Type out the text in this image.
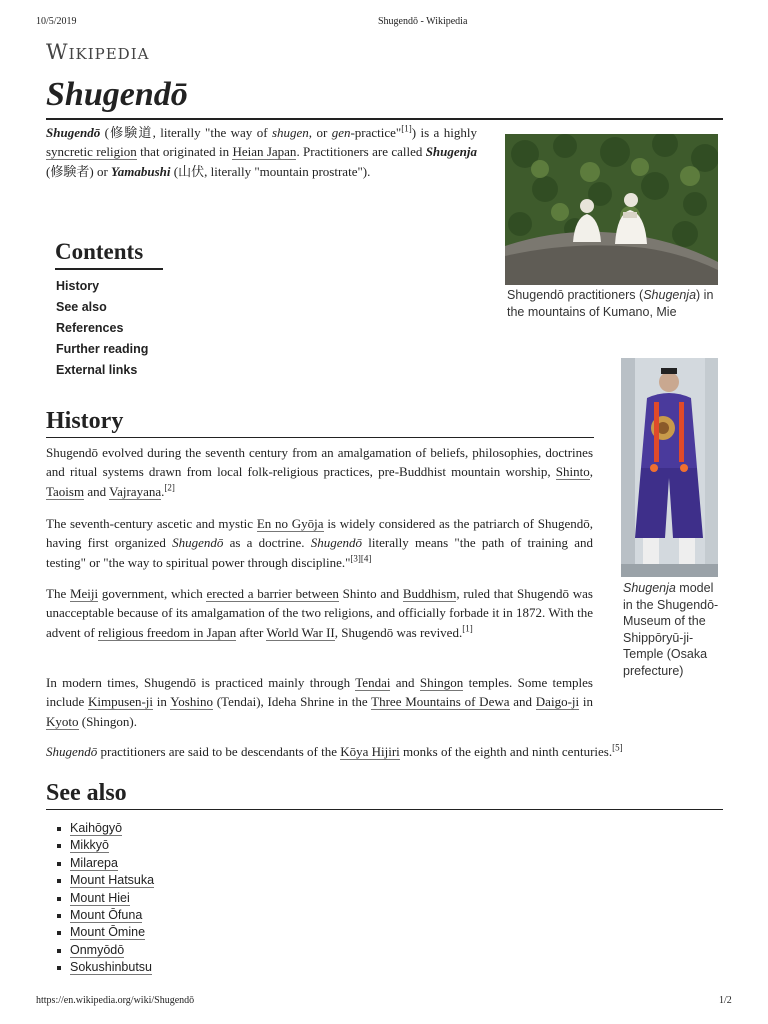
10/5/2019	Shugendō - Wikipedia
Wikipedia
Shugendō

Shugendō (修験道, literally "the way of shugen, or gen-practice"[1]) is a highly syncretic religion that originated in Heian Japan. Practitioners are called Shugenja (修験者) or Yamabushi (山伏, literally "mountain prostrate").

Shugendō practitioners (Shugenja) in the mountains of Kumano, Mie
Contents
History
See also
References
Further reading
External links
Shugenja model in the Shugendō-Museum of the Shippōryū-ji-Temple (Osaka prefecture)
History

Shugendō evolved during the seventh century from an amalgamation of beliefs, philosophies, doctrines and ritual systems drawn from local folk-religious practices, pre-Buddhist mountain worship, Shinto, Taoism and Vajrayana.[2]

The seventh-century ascetic and mystic En no Gyōja is widely considered as the patriarch of Shugendō, having first organized Shugendō as a doctrine. Shugendō literally means "the path of training and testing" or "the way to spiritual power through discipline."[3][4]

The Meiji government, which erected a barrier between Shinto and Buddhism, ruled that Shugendō was unacceptable because of its amalgamation of the two religions, and officially forbade it in 1872. With the advent of religious freedom in Japan after World War II, Shugendō was revived.[1]

In modern times, Shugendō is practiced mainly through Tendai and Shingon temples. Some temples include Kimpusen-ji in Yoshino (Tendai), Ideha Shrine in the Three Mountains of Dewa and Daigo-ji in Kyoto (Shingon).

Shugendō practitioners are said to be descendants of the Kōya Hijiri monks of the eighth and ninth centuries.[5]

See also
Kaihōgyō
Mikkyō
Milarepa
Mount Hatsuka
Mount Hiei
Mount Ōfuna
Mount Ōmine
Onmyōdō
Sokushinbutsu
https://en.wikipedia.org/wiki/Shugendō	1/2
